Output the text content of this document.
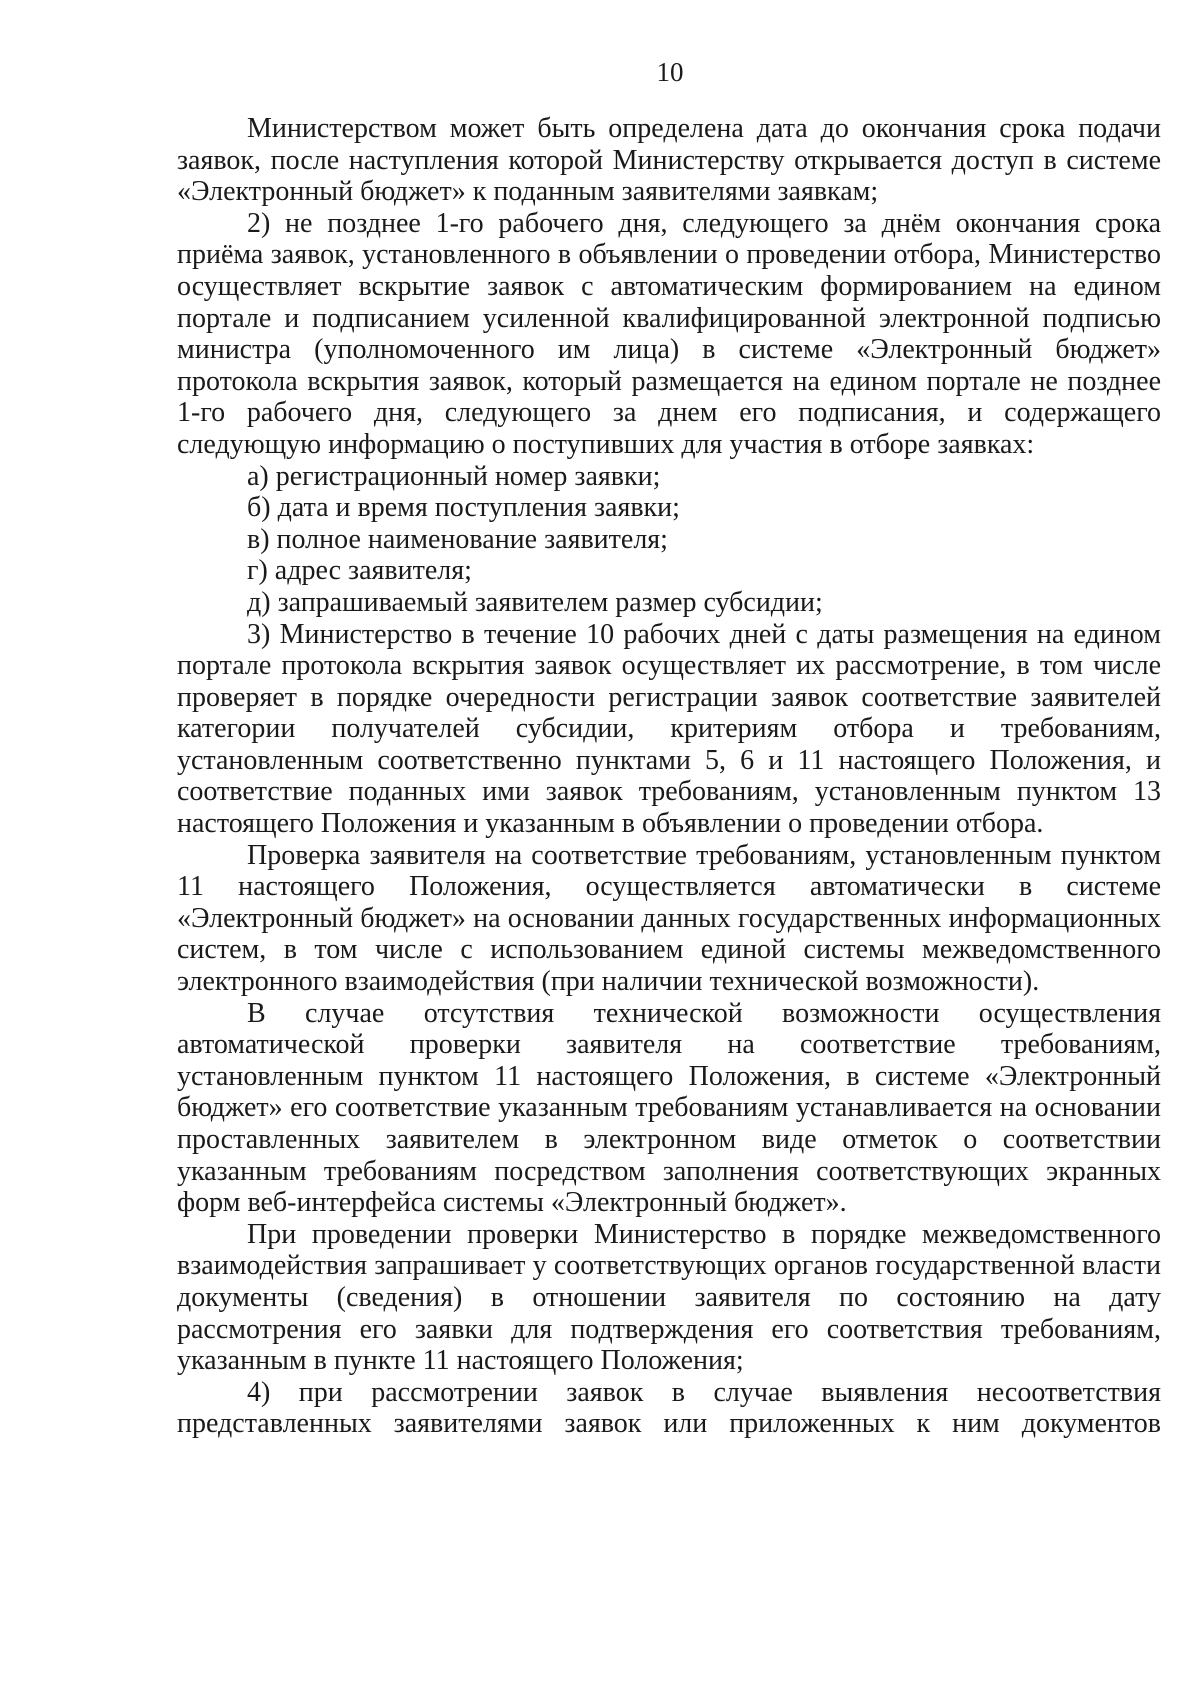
10

Министерством может быть определена дата до окончания срока подачи заявок, после наступления которой Министерству открывается доступ в системе «Электронный бюджет» к поданным заявителями заявкам;

2) не позднее 1-го рабочего дня, следующего за днём окончания срока приёма заявок, установленного в объявлении о проведении отбора, Министерство осуществляет вскрытие заявок с автоматическим формированием на едином портале и подписанием усиленной квалифицированной электронной подписью министра (уполномоченного им лица) в системе «Электронный бюджет» протокола вскрытия заявок, который размещается на едином портале не позднее 1-го рабочего дня, следующего за днем его подписания, и содержащего следующую информацию о поступивших для участия в отборе заявках:

а) регистрационный номер заявки;

б) дата и время поступления заявки;

в) полное наименование заявителя;

г) адрес заявителя;

д) запрашиваемый заявителем размер субсидии;

3) Министерство в течение 10 рабочих дней с даты размещения на едином портале протокола вскрытия заявок осуществляет их рассмотрение, в том числе проверяет в порядке очередности регистрации заявок соответствие заявителей категории получателей субсидии, критериям отбора и требованиям, установленным соответственно пунктами 5, 6 и 11 настоящего Положения, и соответствие поданных ими заявок требованиям, установленным пунктом 13 настоящего Положения и указанным в объявлении о проведении отбора.

Проверка заявителя на соответствие требованиям, установленным пунктом 11 настоящего Положения, осуществляется автоматически в системе «Электронный бюджет» на основании данных государственных информационных систем, в том числе с использованием единой системы межведомственного электронного взаимодействия (при наличии технической возможности).

В случае отсутствия технической возможности осуществления автоматической проверки заявителя на соответствие требованиям, установленным пунктом 11 настоящего Положения, в системе «Электронный бюджет» его соответствие указанным требованиям устанавливается на основании проставленных заявителем в электронном виде отметок о соответствии указанным требованиям посредством заполнения соответствующих экранных форм веб-интерфейса системы «Электронный бюджет».

При проведении проверки Министерство в порядке межведомственного взаимодействия запрашивает у соответствующих органов государственной власти документы (сведения) в отношении заявителя по состоянию на дату рассмотрения его заявки для подтверждения его соответствия требованиям, указанным в пункте 11 настоящего Положения;

4) при рассмотрении заявок в случае выявления несоответствия представленных заявителями заявок или приложенных к ним документов
